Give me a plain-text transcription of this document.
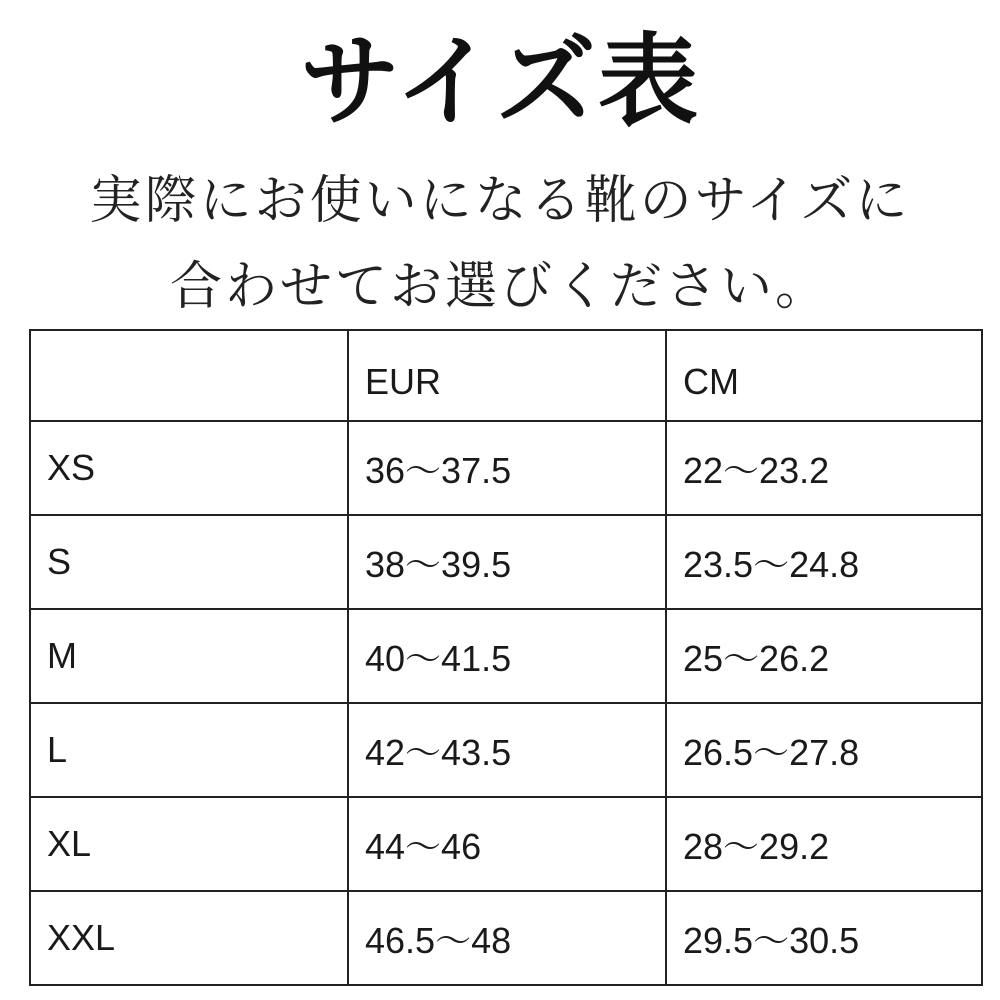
サイズ表
実際にお使いになる靴のサイズに
合わせてお選びください。
	EUR	CM
XS	36〜37.5	22〜23.2
S	38〜39.5	23.5〜24.8
M	40〜41.5	25〜26.2
L	42〜43.5	26.5〜27.8
XL	44〜46	28〜29.2
XXL	46.5〜48	29.5〜30.5
